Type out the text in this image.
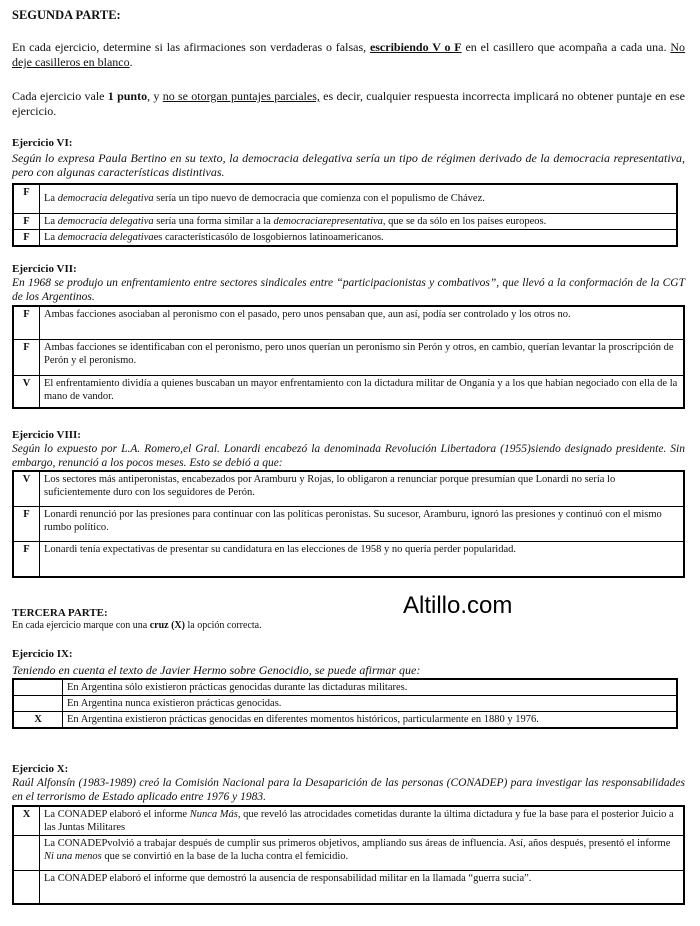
SEGUNDA PARTE:
En cada ejercicio, determine si las afirmaciones son verdaderas o falsas, escribiendo V o F en el casillero que acompaña a cada una. No deje casilleros en blanco.
Cada ejercicio vale 1 punto, y no se otorgan puntajes parciales, es decir, cualquier respuesta incorrecta implicará no obtener puntaje en ese ejercicio.
Ejercicio VI:
Según lo expresa Paula Bertino en su texto, la democracia delegativa sería un tipo de régimen derivado de la democracia representativa, pero con algunas características distintivas.
F	La democracia delegativa sería un tipo nuevo de democracia que comienza con el populismo de Chávez.
F	La democracia delegativa sería una forma similar a la democraciarepresentativa, que se da sólo en los países europeos.
F	La democracia delegativaes característicasólo de losgobiernos latinoamericanos.
Ejercicio VII:
En 1968 se produjo un enfrentamiento entre sectores sindicales entre “participacionistas y combativos”, que llevó a la conformación de la CGT de los Argentinos.
F	Ambas facciones asociaban al peronismo con el pasado, pero unos pensaban que, aun así, podía ser controlado y los otros no.
F	Ambas facciones se identificaban con el peronismo, pero unos querían un peronismo sin Perón y otros, en cambio, querían levantar la proscripción de Perón y el peronismo.
V	El enfrentamiento dividía a quienes buscaban un mayor enfrentamiento con la dictadura militar de Onganía y a los que habían negociado con ella de la mano de vandor.
Ejercicio VIII:
Según lo expuesto por L.A. Romero,el Gral. Lonardi encabezó la denominada Revolución Libertadora (1955)siendo designado presidente. Sin embargo, renunció a los pocos meses. Esto se debió a que:
V	Los sectores más antiperonistas, encabezados por Aramburu y Rojas, lo obligaron a renunciar porque presumían que Lonardi no sería lo suficientemente duro con los seguidores de Perón.
F	Lonardi renunció por las presiones para continuar con las políticas peronistas. Su sucesor, Aramburu, ignoró las presiones y continuó con el mismo rumbo político.
F	Lonardi tenía expectativas de presentar su candidatura en las elecciones de 1958 y no quería perder popularidad.
Altillo.com
TERCERA PARTE:
En cada ejercicio marque con una cruz (X) la opción correcta.
Ejercicio IX:
Teniendo en cuenta el texto de Javier Hermo sobre Genocidio, se puede afirmar que:
	En Argentina sólo existieron prácticas genocidas durante las dictaduras militares.
	En Argentina nunca existieron prácticas genocidas.
X	En Argentina existieron prácticas genocidas en diferentes momentos históricos, particularmente en 1880 y 1976.
Ejercicio X:
Raúl Alfonsín (1983-1989) creó la Comisión Nacional para la Desaparición de las personas (CONADEP) para investigar las responsabilidades en el terrorismo de Estado aplicado entre 1976 y 1983.
X	La CONADEP elaboró el informe Nunca Más, que reveló las atrocidades cometidas durante la última dictadura y fue la base para el posterior Juicio a las Juntas Militares
	La CONADEPvolvió a trabajar después de cumplir sus primeros objetivos, ampliando sus áreas de influencia. Así, años después, presentó el informe Ni una menos que se convirtió en la base de la lucha contra el femicidio.
	La CONADEP elaboró el informe que demostró la ausencia de responsabilidad militar en la llamada “guerra sucia”.
